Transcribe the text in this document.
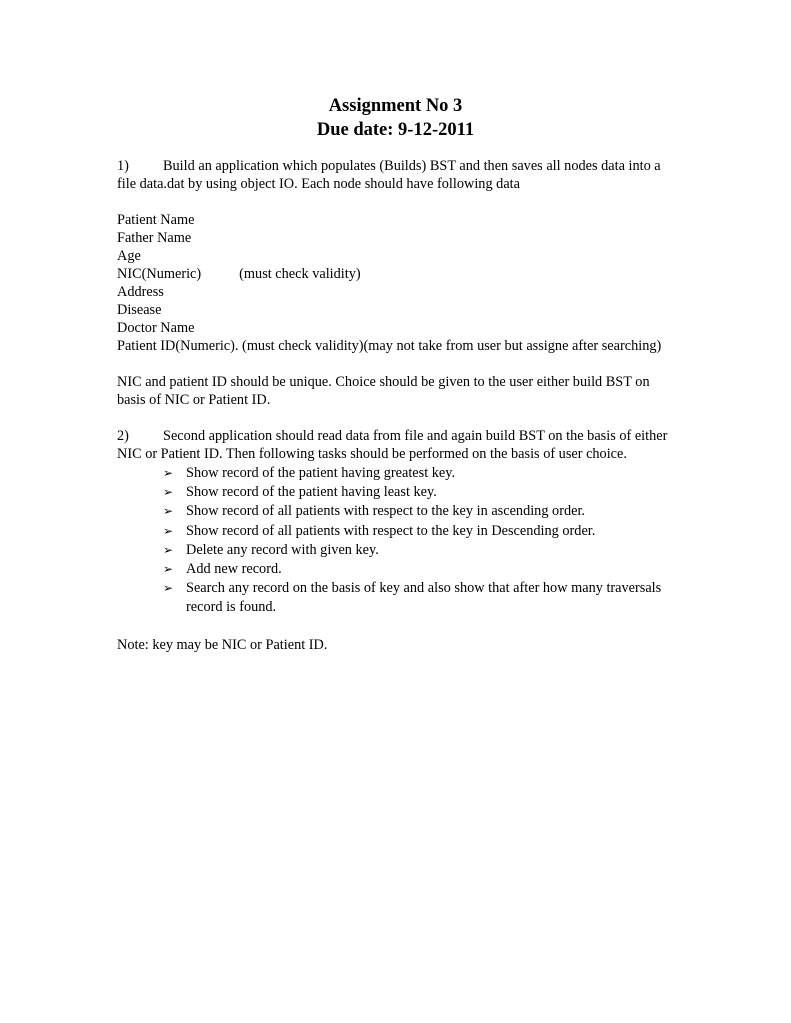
Assignment No 3
Due date: 9-12-2011

1) Build an application which populates (Builds) BST and then saves all nodes data into a file data.dat by using object IO. Each node should have following data

Patient Name
Father Name
Age
NIC(Numeric)	(must check validity)
Address
Disease
Doctor Name

Patient ID(Numeric). (must check validity)(may not take from user but assigne after searching)

NIC and patient ID should be unique. Choice should be given to the user either build BST on basis of NIC or Patient ID.

2) Second application should read data from file and again build BST on the basis of either NIC or Patient ID. Then following tasks should be performed on the basis of user choice.

➢ Show record of the patient having greatest key.
➢ Show record of the patient having least key.
➢ Show record of all patients with respect to the key in ascending order.
➢ Show record of all patients with respect to the key in Descending order.
➢ Delete any record with given key.
➢ Add new record.
➢ Search any record on the basis of key and also show that after how many traversals record is found.

Note: key may be NIC or Patient ID.
